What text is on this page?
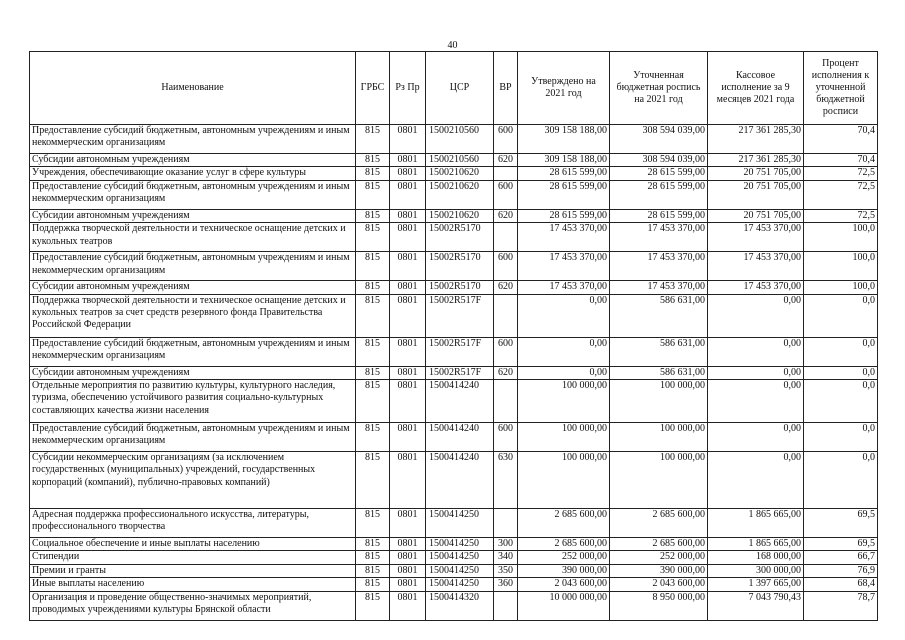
40
Наименование	ГРБС	Рз Пр	ЦСР	ВР	Утверждено на 2021 год	Уточненная бюджетная роспись на 2021 год	Кассовое исполнение за 9 месяцев 2021 года	Процент исполнения к уточненной бюджетной росписи
Предоставление субсидий бюджетным, автономным учреждениям и иным некоммерческим организациям	815	0801	1500210560	600	309 158 188,00	308 594 039,00	217 361 285,30	70,4
Субсидии автономным учреждениям	815	0801	1500210560	620	309 158 188,00	308 594 039,00	217 361 285,30	70,4
Учреждения, обеспечивающие оказание услуг в сфере культуры	815	0801	1500210620		28 615 599,00	28 615 599,00	20 751 705,00	72,5
Предоставление субсидий бюджетным, автономным учреждениям и иным некоммерческим организациям	815	0801	1500210620	600	28 615 599,00	28 615 599,00	20 751 705,00	72,5
Субсидии автономным учреждениям	815	0801	1500210620	620	28 615 599,00	28 615 599,00	20 751 705,00	72,5
Поддержка творческой деятельности и техническое оснащение детских и кукольных театров	815	0801	15002R5170		17 453 370,00	17 453 370,00	17 453 370,00	100,0
Предоставление субсидий бюджетным, автономным учреждениям и иным некоммерческим организациям	815	0801	15002R5170	600	17 453 370,00	17 453 370,00	17 453 370,00	100,0
Субсидии автономным учреждениям	815	0801	15002R5170	620	17 453 370,00	17 453 370,00	17 453 370,00	100,0
Поддержка творческой деятельности и техническое оснащение детских и кукольных театров за счет средств резервного фонда Правительства Российской Федерации	815	0801	15002R517F		0,00	586 631,00	0,00	0,0
Предоставление субсидий бюджетным, автономным учреждениям и иным некоммерческим организациям	815	0801	15002R517F	600	0,00	586 631,00	0,00	0,0
Субсидии автономным учреждениям	815	0801	15002R517F	620	0,00	586 631,00	0,00	0,0
Отдельные мероприятия по развитию культуры, культурного наследия, туризма, обеспечению устойчивого развития социально-культурных составляющих качества жизни населения	815	0801	1500414240		100 000,00	100 000,00	0,00	0,0
Предоставление субсидий бюджетным, автономным учреждениям и иным некоммерческим организациям	815	0801	1500414240	600	100 000,00	100 000,00	0,00	0,0
Субсидии некоммерческим организациям (за исключением государственных (муниципальных) учреждений, государственных корпораций (компаний), публично-правовых компаний)	815	0801	1500414240	630	100 000,00	100 000,00	0,00	0,0
Адресная поддержка профессионального искусства, литературы, профессионального творчества	815	0801	1500414250		2 685 600,00	2 685 600,00	1 865 665,00	69,5
Социальное обеспечение и иные выплаты населению	815	0801	1500414250	300	2 685 600,00	2 685 600,00	1 865 665,00	69,5
Стипендии	815	0801	1500414250	340	252 000,00	252 000,00	168 000,00	66,7
Премии и гранты	815	0801	1500414250	350	390 000,00	390 000,00	300 000,00	76,9
Иные выплаты населению	815	0801	1500414250	360	2 043 600,00	2 043 600,00	1 397 665,00	68,4
Организация и проведение общественно-значимых мероприятий, проводимых учреждениями культуры Брянской области	815	0801	1500414320		10 000 000,00	8 950 000,00	7 043 790,43	78,7
